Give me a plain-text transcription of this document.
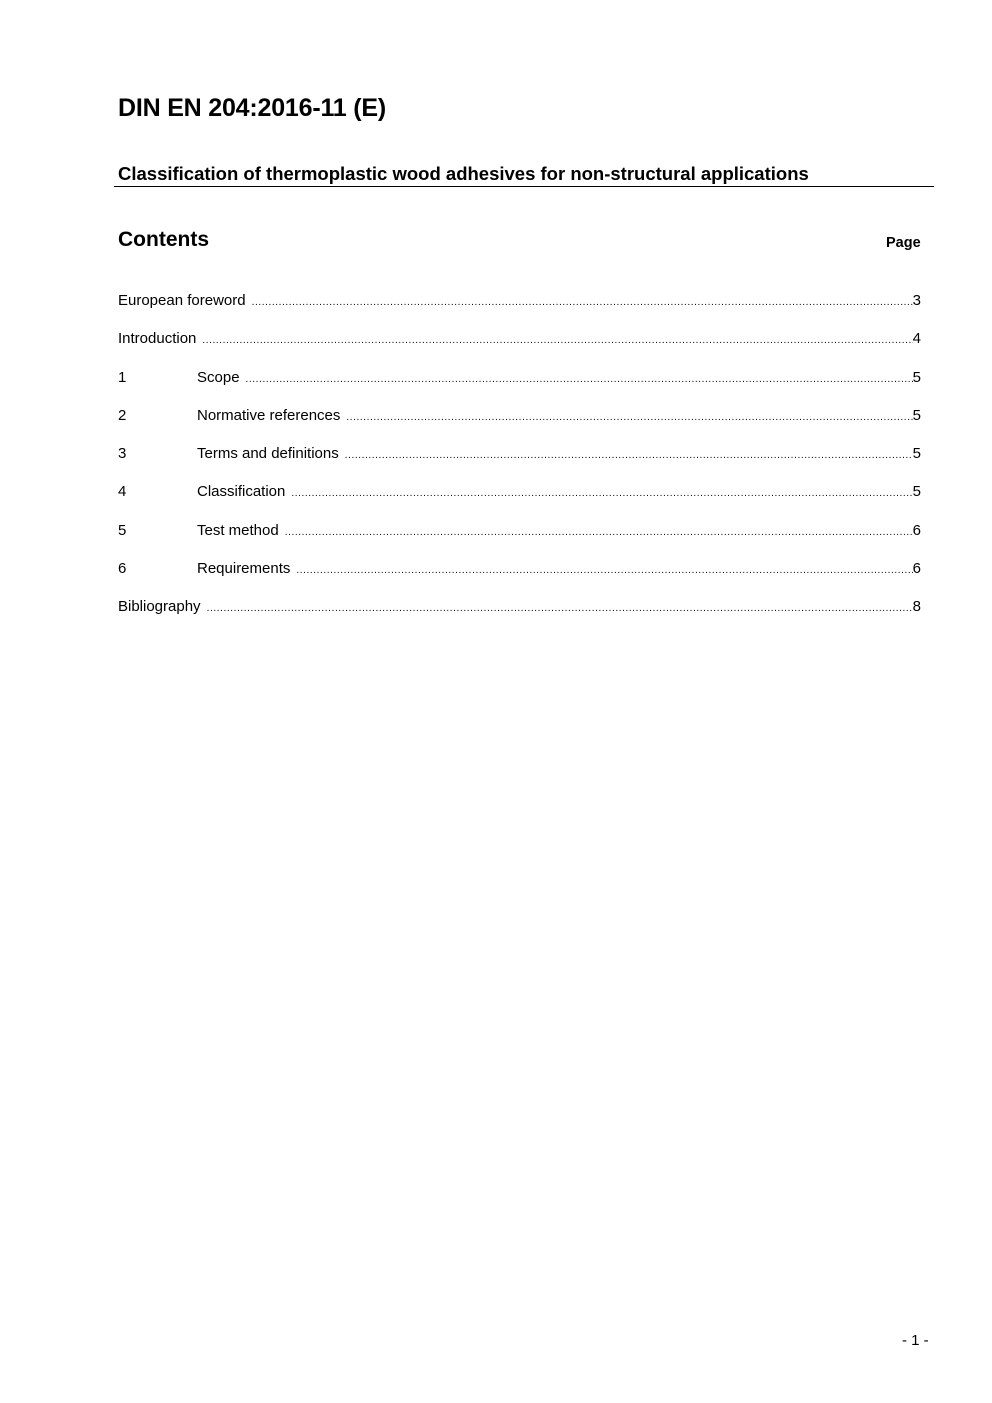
DIN EN 204:2016-11 (E)
Classification of thermoplastic wood adhesives for non-structural applications
Contents	Page
European foreword .....	3
Introduction .....	4
1	Scope .....	5
2	Normative references .....	5
3	Terms and definitions .....	5
4	Classification .....	5
5	Test method .....	6
6	Requirements .....	6
Bibliography .....	8
- 1 -
